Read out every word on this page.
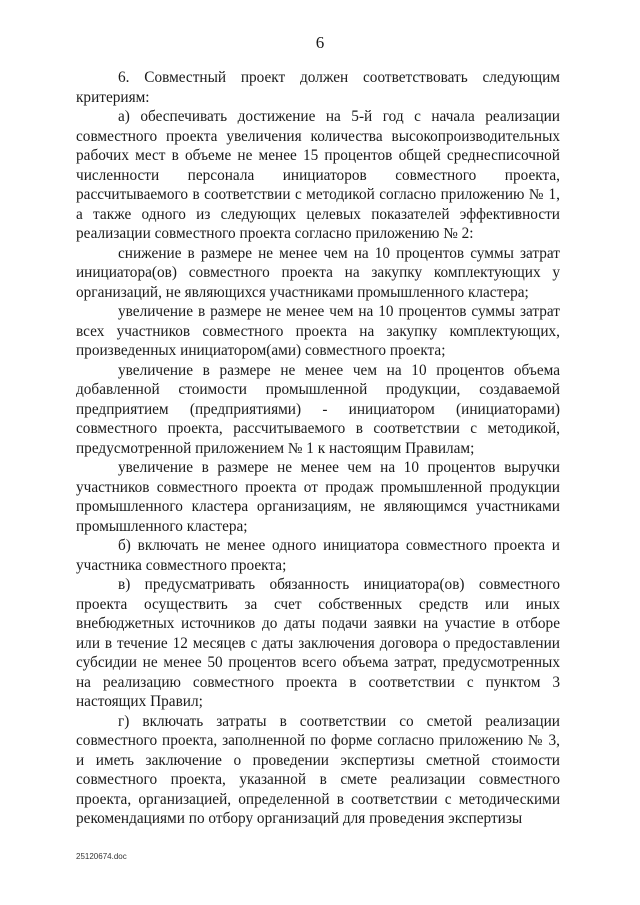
6

6. Совместный проект должен соответствовать следующим критериям:

а) обеспечивать достижение на 5-й год с начала реализации совместного проекта увеличения количества высокопроизводительных рабочих мест в объеме не менее 15 процентов общей среднесписочной численности персонала инициаторов совместного проекта, рассчитываемого в соответствии с методикой согласно приложению № 1, а также одного из следующих целевых показателей эффективности реализации совместного проекта согласно приложению № 2:

снижение в размере не менее чем на 10 процентов суммы затрат инициатора(ов) совместного проекта на закупку комплектующих у организаций, не являющихся участниками промышленного кластера;

увеличение в размере не менее чем на 10 процентов суммы затрат всех участников совместного проекта на закупку комплектующих, произведенных инициатором(ами) совместного проекта;

увеличение в размере не менее чем на 10 процентов объема добавленной стоимости промышленной продукции, создаваемой предприятием (предприятиями) - инициатором (инициаторами) совместного проекта, рассчитываемого в соответствии с методикой, предусмотренной приложением № 1 к настоящим Правилам;

увеличение в размере не менее чем на 10 процентов выручки участников совместного проекта от продаж промышленной продукции промышленного кластера организациям, не являющимся участниками промышленного кластера;

б) включать не менее одного инициатора совместного проекта и участника совместного проекта;

в) предусматривать обязанность инициатора(ов) совместного проекта осуществить за счет собственных средств или иных внебюджетных источников до даты подачи заявки на участие в отборе или в течение 12 месяцев с даты заключения договора о предоставлении субсидии не менее 50 процентов всего объема затрат, предусмотренных на реализацию совместного проекта в соответствии с пунктом 3 настоящих Правил;

г) включать затраты в соответствии со сметой реализации совместного проекта, заполненной по форме согласно приложению № 3, и иметь заключение о проведении экспертизы сметной стоимости совместного проекта, указанной в смете реализации совместного проекта, организацией, определенной в соответствии с методическими рекомендациями по отбору организаций для проведения экспертизы

25120674.doc
